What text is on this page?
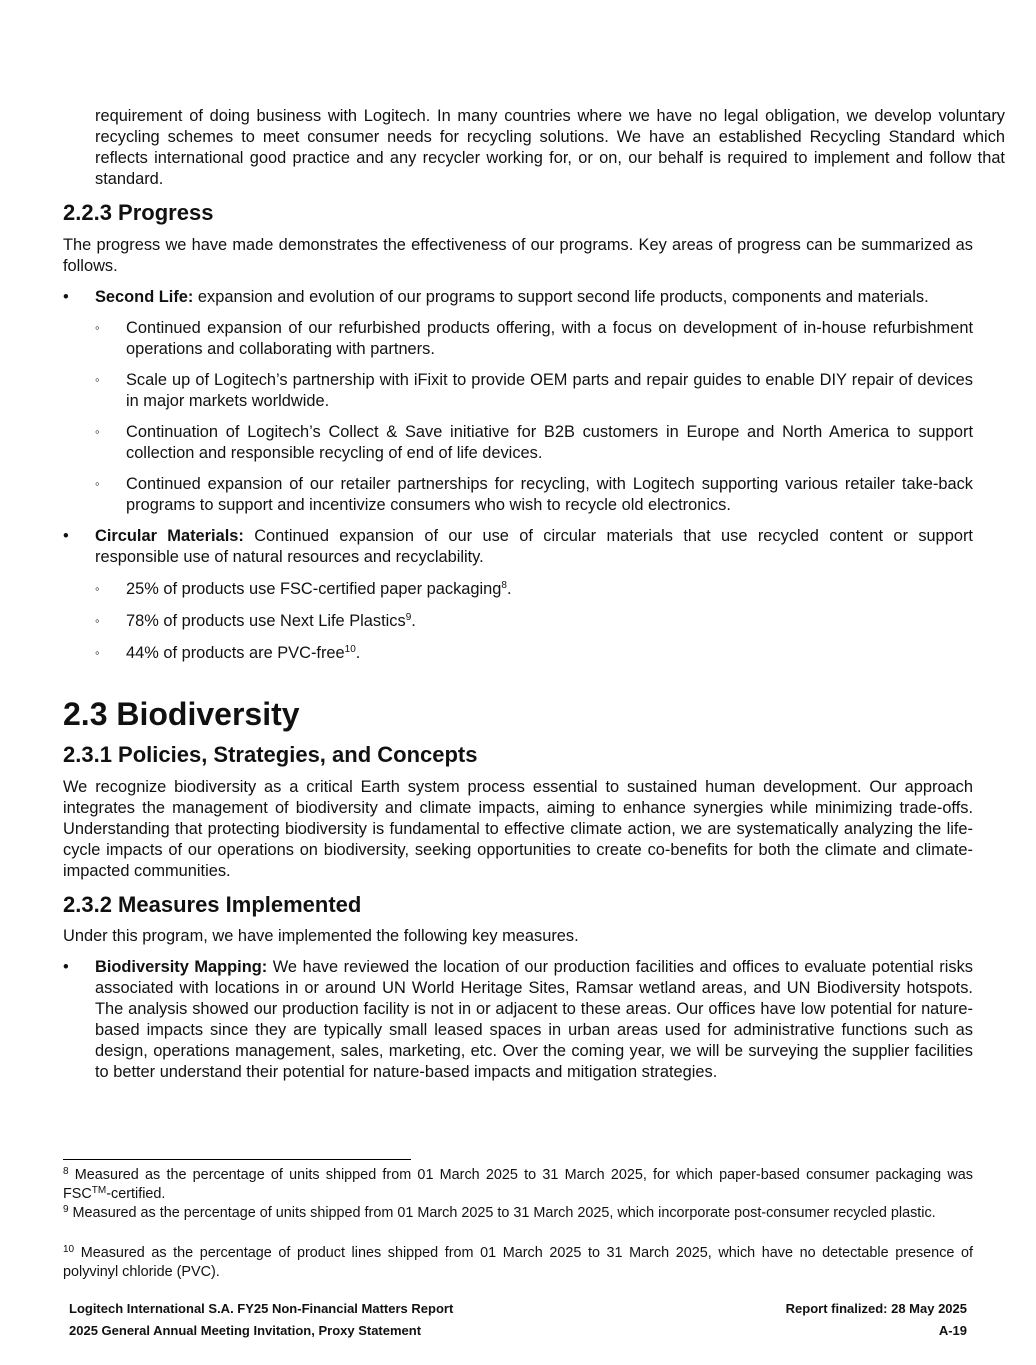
requirement of doing business with Logitech. In many countries where we have no legal obligation, we develop voluntary recycling schemes to meet consumer needs for recycling solutions. We have an established Recycling Standard which reflects international good practice and any recycler working for, or on, our behalf is required to implement and follow that standard.

2.2.3 Progress

The progress we have made demonstrates the effectiveness of our programs. Key areas of progress can be summarized as follows.

•	Second Life: expansion and evolution of our programs to support second life products, components and materials.
◦ Continued expansion of our refurbished products offering, with a focus on development of in-house refurbishment operations and collaborating with partners.
◦ Scale up of Logitech’s partnership with iFixit to provide OEM parts and repair guides to enable DIY repair of devices in major markets worldwide.
◦ Continuation of Logitech’s Collect & Save initiative for B2B customers in Europe and North America to support collection and responsible recycling of end of life devices.
◦ Continued expansion of our retailer partnerships for recycling, with Logitech supporting various retailer take-back programs to support and incentivize consumers who wish to recycle old electronics.
•	Circular Materials: Continued expansion of our use of circular materials that use recycled content or support responsible use of natural resources and recyclability.
◦ 25% of products use FSC-certified paper packaging$^8$.
◦ 78% of products use Next Life Plastics$^9$.
◦ 44% of products are PVC-free$^{10}$.
2.3 Biodiversity
2.3.1 Policies, Strategies, and Concepts

We recognize biodiversity as a critical Earth system process essential to sustained human development. Our approach integrates the management of biodiversity and climate impacts, aiming to enhance synergies while minimizing trade-offs. Understanding that protecting biodiversity is fundamental to effective climate action, we are systematically analyzing the life-cycle impacts of our operations on biodiversity, seeking opportunities to create co-benefits for both the climate and climate-impacted communities.

2.3.2 Measures Implemented

Under this program, we have implemented the following key measures.

•	Biodiversity Mapping: We have reviewed the location of our production facilities and offices to evaluate potential risks associated with locations in or around UN World Heritage Sites, Ramsar wetland areas, and UN Biodiversity hotspots. The analysis showed our production facility is not in or adjacent to these areas. Our offices have low potential for nature-based impacts since they are typically small leased spaces in urban areas used for administrative functions such as design, operations management, sales, marketing, etc. Over the coming year, we will be surveying the supplier facilities to better understand their potential for nature-based impacts and mitigation strategies.

$^8$ Measured as the percentage of units shipped from 01 March 2025 to 31 March 2025, for which paper-based consumer packaging was FSC™-certified.

$^9$ Measured as the percentage of units shipped from 01 March 2025 to 31 March 2025, which incorporate post-consumer recycled plastic.

$^{10}$ Measured as the percentage of product lines shipped from 01 March 2025 to 31 March 2025, which have no detectable presence of polyvinyl chloride (PVC).

Logitech International S.A. FY25 Non-Financial Matters Report	Report finalized: 28 May 2025
2025 General Annual Meeting Invitation, Proxy Statement	A-19
